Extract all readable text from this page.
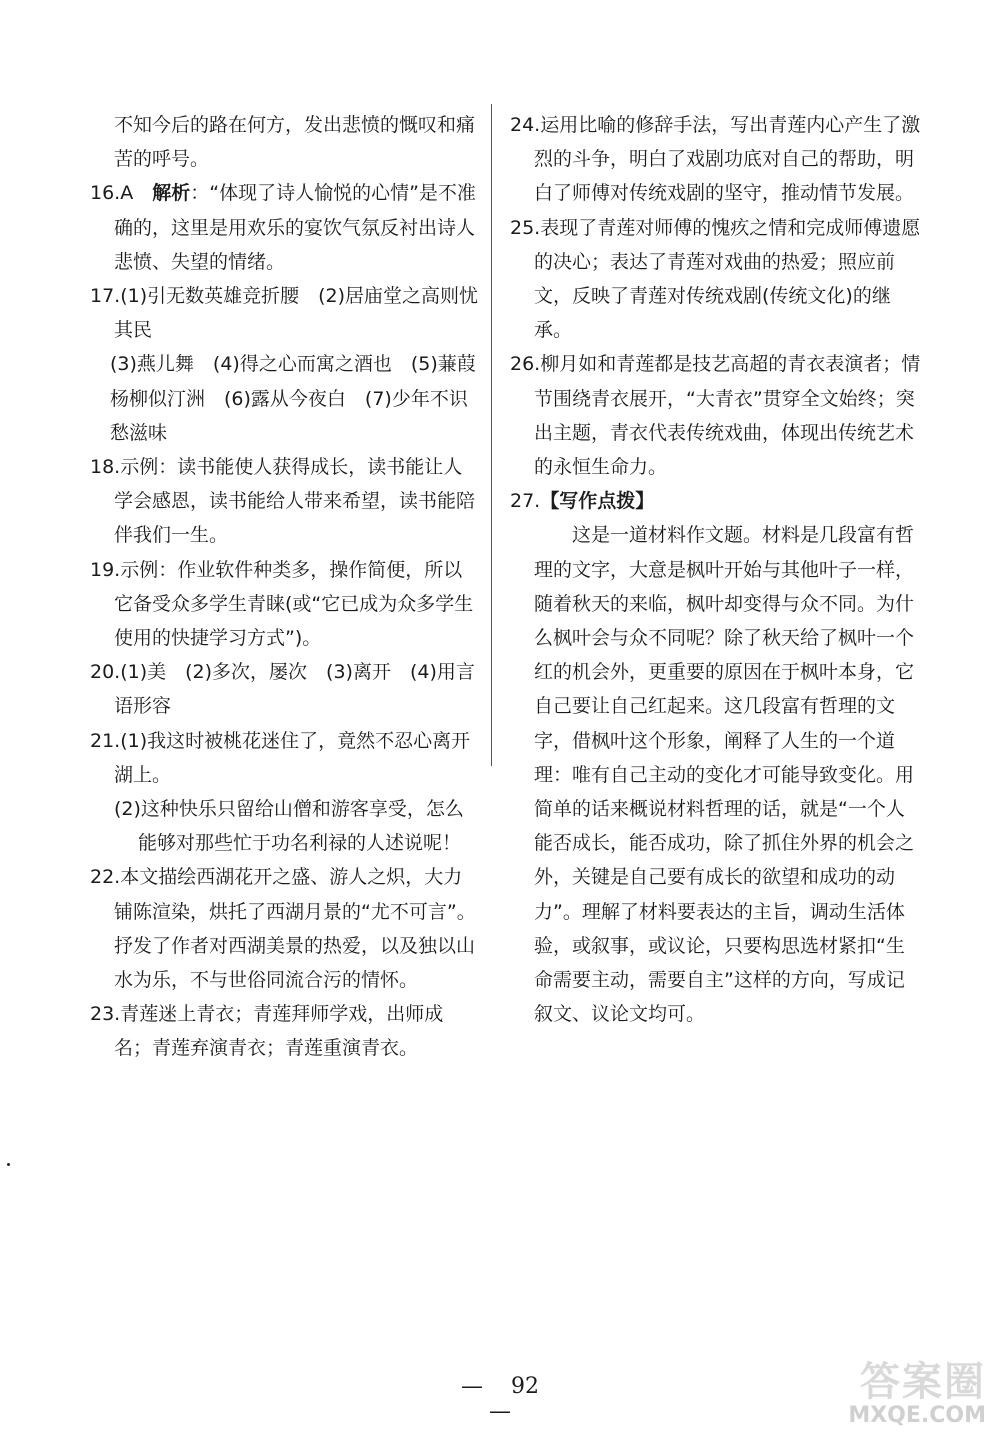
不知今后的路在何方，发出悲愤的慨叹和痛苦的呼号。

16.A　 解析：“体现了诗人愉悦的心情”是不准确的，这里是用欢乐的宴饮气氛反衬出诗人悲愤、失望的情绪。

17.(1)引无数英雄竞折腰　(2)居庙堂之高则忧其民

(3)燕儿舞　(4)得之心而寓之酒也　(5)蒹葭杨柳似汀洲　(6)露从今夜白　(7)少年不识愁滋味

18.示例：读书能使人获得成长，读书能让人学会感恩，读书能给人带来希望，读书能陪伴我们一生。

19.示例：作业软件种类多，操作简便，所以它备受众多学生青睐(或“它已成为众多学生使用的快捷学习方式”)。

20.(1)美　(2)多次，屡次　(3)离开　(4)用言语形容

21.(1)我这时被桃花迷住了，竟然不忍心离开湖上。

(2)这种快乐只留给山僧和游客享受，怎么能够对那些忙于功名利禄的人述说呢！

22.本文描绘西湖花开之盛、游人之炽，大力铺陈渲染，烘托了西湖月景的“尤不可言”。抒发了作者对西湖美景的热爱，以及独以山水为乐，不与世俗同流合污的情怀。

23.青莲迷上青衣；青莲拜师学戏，出师成名；青莲弃演青衣；青莲重演青衣。

24.运用比喻的修辞手法，写出青莲内心产生了激烈的斗争，明白了戏剧功底对自己的帮助，明白了师傅对传统戏剧的坚守，推动情节发展。

25.表现了青莲对师傅的愧疚之情和完成师傅遗愿的决心；表达了青莲对戏曲的热爱；照应前文，反映了青莲对传统戏剧(传统文化)的继承。

26.柳月如和青莲都是技艺高超的青衣表演者；情节围绕青衣展开，“大青衣”贯穿全文始终；突出主题，青衣代表传统戏曲，体现出传统艺术的永恒生命力。

27.【写作点拨】

这是一道材料作文题。材料是几段富有哲理的文字，大意是枫叶开始与其他叶子一样，随着秋天的来临，枫叶却变得与众不同。为什么枫叶会与众不同呢？除了秋天给了枫叶一个红的机会外，更重要的原因在于枫叶本身，它自己要让自己红起来。这几段富有哲理的文字，借枫叶这个形象，阐释了人生的一个道理：唯有自己主动的变化才可能导致变化。用简单的话来概说材料哲理的话，就是“一个人能否成长，能否成功，除了抓住外界的机会之外，关键是自己要有成长的欲望和成功的动力”。理解了材料要表达的主旨，调动生活体验，或叙事，或议论，只要构思选材紧扣“生命需要主动，需要自主”这样的方向，写成记叙文、议论文均可。

— 92—
答案圈
MXQE.COM
